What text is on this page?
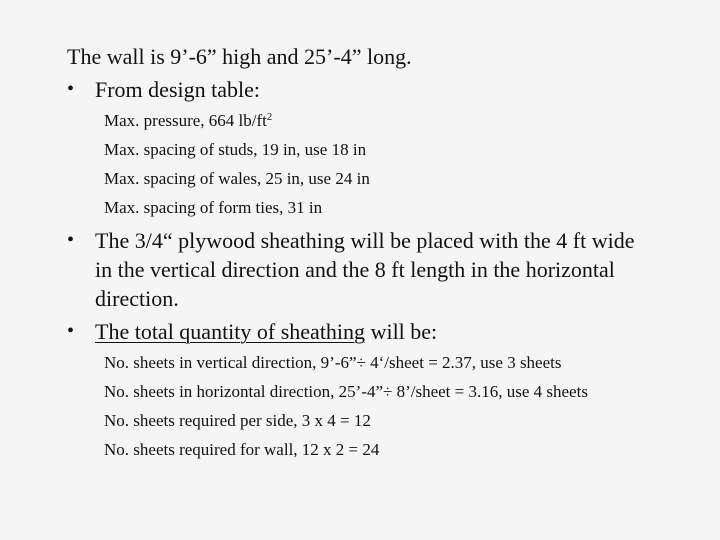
The wall is 9’-6” high and 25’-4” long.
• From design table:
Max. pressure, 664 $lb/ft^2$
Max. spacing of studs, 19 in, use 18 in
Max. spacing of wales, 25 in, use 24 in
Max. spacing of form ties, 31 in
• The 3/4“ plywood sheathing will be placed with the 4 ft wide
in the vertical direction and the 8 ft length in the horizontal
direction.
• The total quantity of sheathing will be:
No. sheets in vertical direction, 9’-6”÷ 4‘/sheet = 2.37, use 3 sheets
No. sheets in horizontal direction, 25’-4”÷ 8’/sheet = 3.16, use 4 sheets
No. sheets required per side, 3 x 4 = 12
No. sheets required for wall, 12 x 2 = 24
